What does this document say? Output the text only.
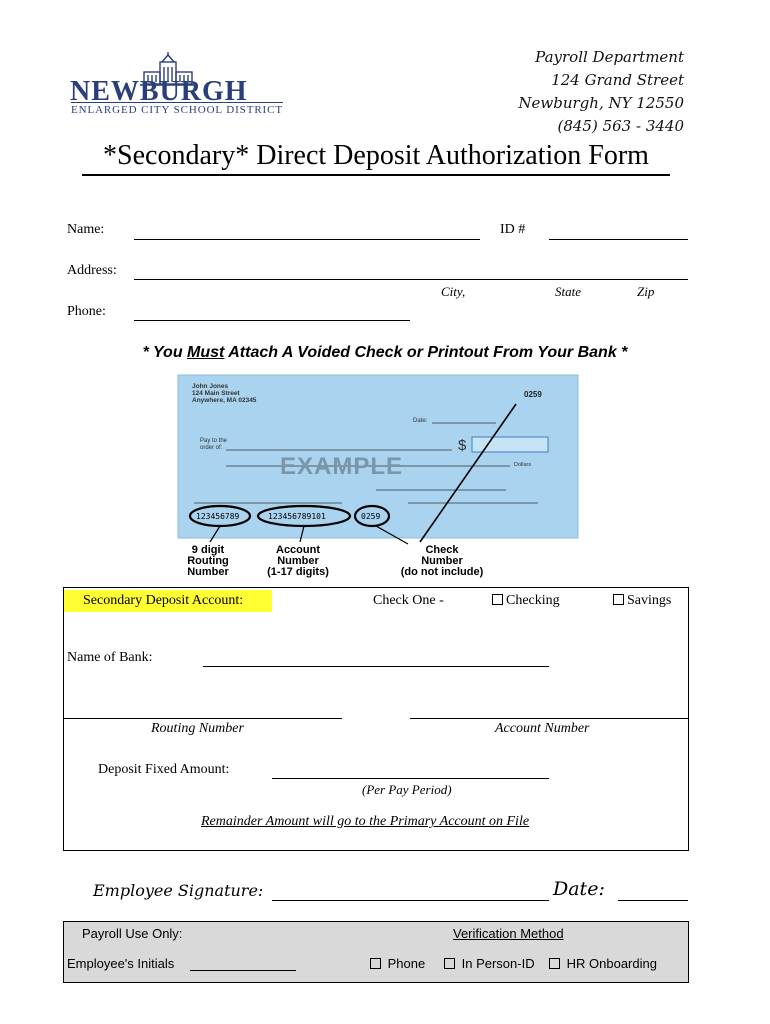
NEWBURGH
ENLARGED CITY SCHOOL DISTRICT
Payroll Department
124 Grand Street
Newburgh, NY 12550
(845) 563 - 3440
*Secondary* Direct Deposit Authorization Form
Name:	ID #
Address:
City,	State	Zip
Phone:
* You Must Attach A Voided Check or Printout From Your Bank *
John Jones
124 Main Street
Anywhere, MA 02345
0259
Date:
Pay to the
order of:	$
Dollars
EXAMPLE
123456789	123456789101	0259
9 digit
Routing
Number
Account
Number
(1-17 digits)
Check
Number
(do not include)
Secondary Deposit Account:	Check One -	Checking	Savings
Name of Bank:
Routing Number	Account Number
Deposit Fixed Amount:
(Per Pay Period)
Remainder Amount will go to the Primary Account on File
Employee Signature:	Date:
Payroll Use Only:	Verification Method
Employee's Initials	Phone	In Person-ID	HR Onboarding
